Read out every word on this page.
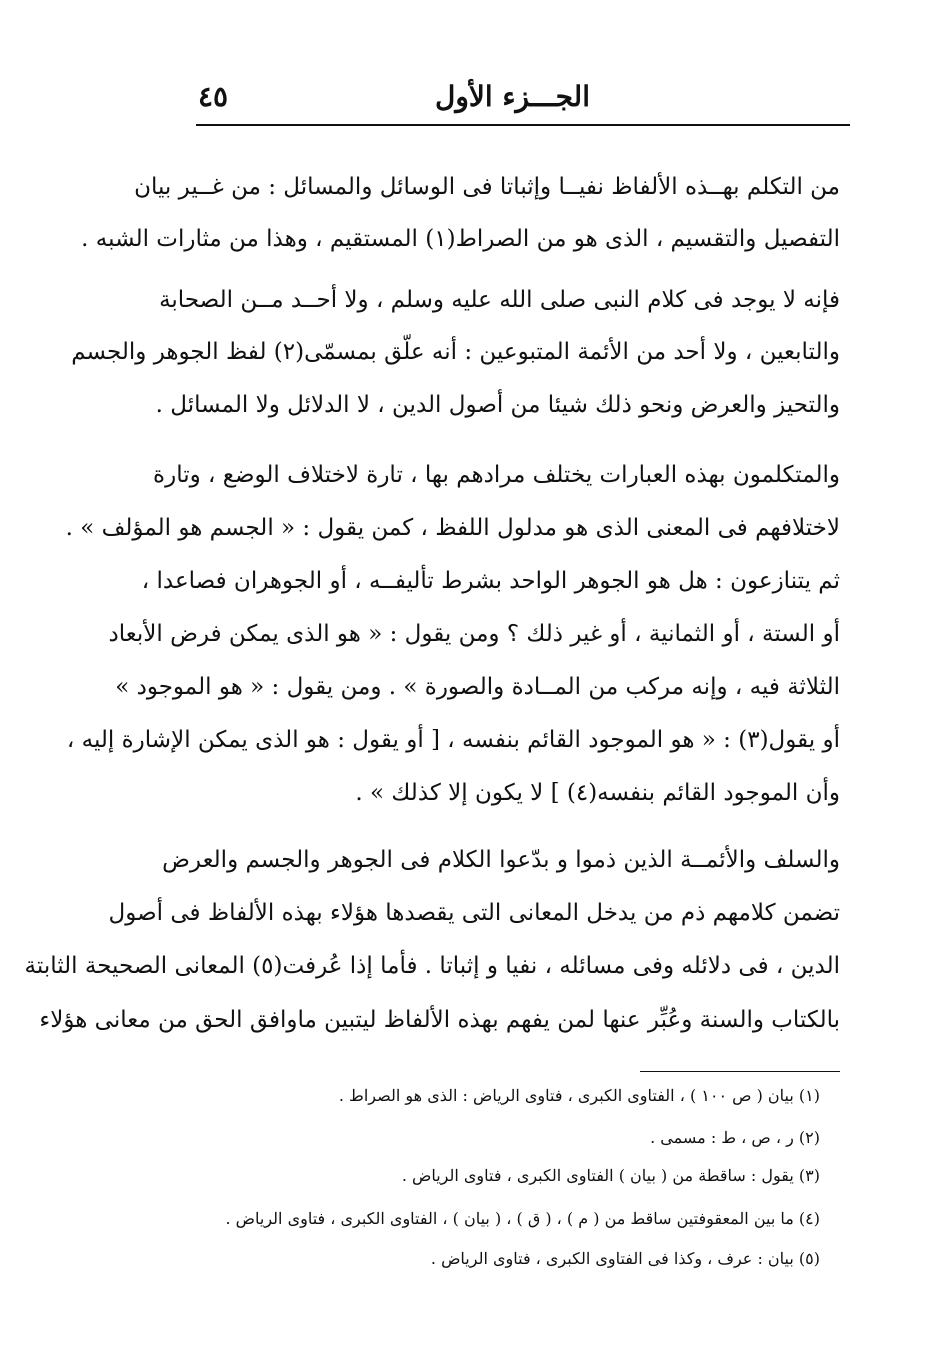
الجـــزء الأول
٤٥
من التكلم بهــذه الألفاظ نفيــا وإثباتا فى الوسائل والمسائل : من غــير بيان
التفصيل والتقسيم ، الذى هو من الصراط(١) المستقيم ، وهذا من مثارات الشبه .
فإنه لا يوجد فى كلام النبى صلى الله عليه وسلم ، ولا أحــد مــن الصحابة
والتابعين ، ولا أحد من الأئمة المتبوعين : أنه علّق بمسمّى(٢) لفظ الجوهر والجسم
والتحيز والعرض ونحو ذلك شيئا من أصول الدين ، لا الدلائل ولا المسائل .
والمتكلمون بهذه العبارات يختلف مرادهم بها ، تارة لاختلاف الوضع ، وتارة
لاختلافهم فى المعنى الذى هو مدلول اللفظ ، كمن يقول : « الجسم هو المؤلف » .
ثم يتنازعون : هل هو الجوهر الواحد بشرط تأليفــه ، أو الجوهران فصاعدا ،
أو الستة ، أو الثمانية ، أو غير ذلك ؟ ومن يقول : « هو الذى يمكن فرض الأبعاد
الثلاثة فيه ، وإنه مركب من المــادة والصورة » . ومن يقول : « هو الموجود »
أو يقول(٣) : « هو الموجود القائم بنفسه ، [ أو يقول : هو الذى يمكن الإشارة إليه ،
وأن الموجود القائم بنفسه(٤) ] لا يكون إلا كذلك » .
والسلف والأئمــة الذين ذموا و بدّعوا الكلام فى الجوهر والجسم والعرض
تضمن كلامهم ذم من يدخل المعانى التى يقصدها هؤلاء بهذه الألفاظ فى أصول
الدين ، فى دلائله وفى مسائله ، نفيا و إثباتا . فأما إذا عُرفت(٥) المعانى الصحيحة الثابتة
بالكتاب والسنة وعُبِّر عنها لمن يفهم بهذه الألفاظ ليتبين ماوافق الحق من معانى هؤلاء
(١) بيان ( ص ١٠٠ ) ، الفتاوى الكبرى ، فتاوى الرياض : الذى هو الصراط .
(٢) ر ، ص ، ط : مسمى .
(٣) يقول : ساقطة من ( بيان ) الفتاوى الكبرى ، فتاوى الرياض .
(٤) ما بين المعقوفتين ساقط من ( م ) ، ( ق ) ، ( بيان ) ، الفتاوى الكبرى ، فتاوى الرياض .
(٥) بيان : عرف ، وكذا فى الفتاوى الكبرى ، فتاوى الرياض .
